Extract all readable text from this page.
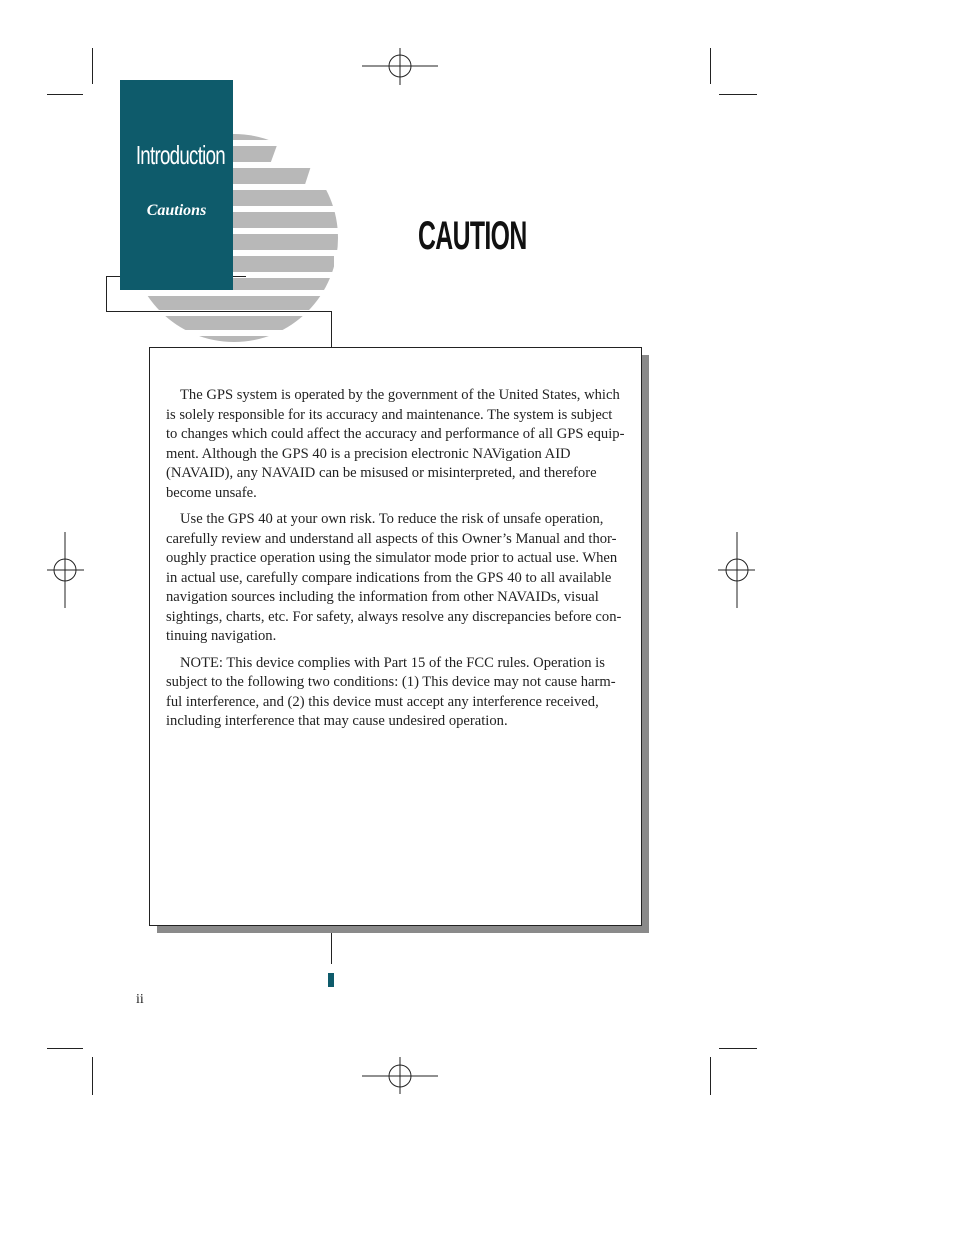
Introduction
Cautions
CAUTION

The GPS system is operated by the government of the United States, which is solely responsible for its accuracy and maintenance. The system is subject to changes which could affect the accuracy and performance of all GPS equip-ment. Although the GPS 40 is a precision electronic NAVigation AID (NAVAID), any NAVAID can be misused or misinterpreted, and therefore become unsafe.

Use the GPS 40 at your own risk. To reduce the risk of unsafe operation, carefully review and understand all aspects of this Owner’s Manual and thor-oughly practice operation using the simulator mode prior to actual use. When in actual use, carefully compare indications from the GPS 40 to all available navigation sources including the information from other NAVAIDs, visual sightings, charts, etc. For safety, always resolve any discrepancies before con-tinuing navigation.

NOTE: This device complies with Part 15 of the FCC rules. Operation is subject to the following two conditions: (1) This device may not cause harm-ful interference, and (2) this device must accept any interference received, including interference that may cause undesired operation.

ii
